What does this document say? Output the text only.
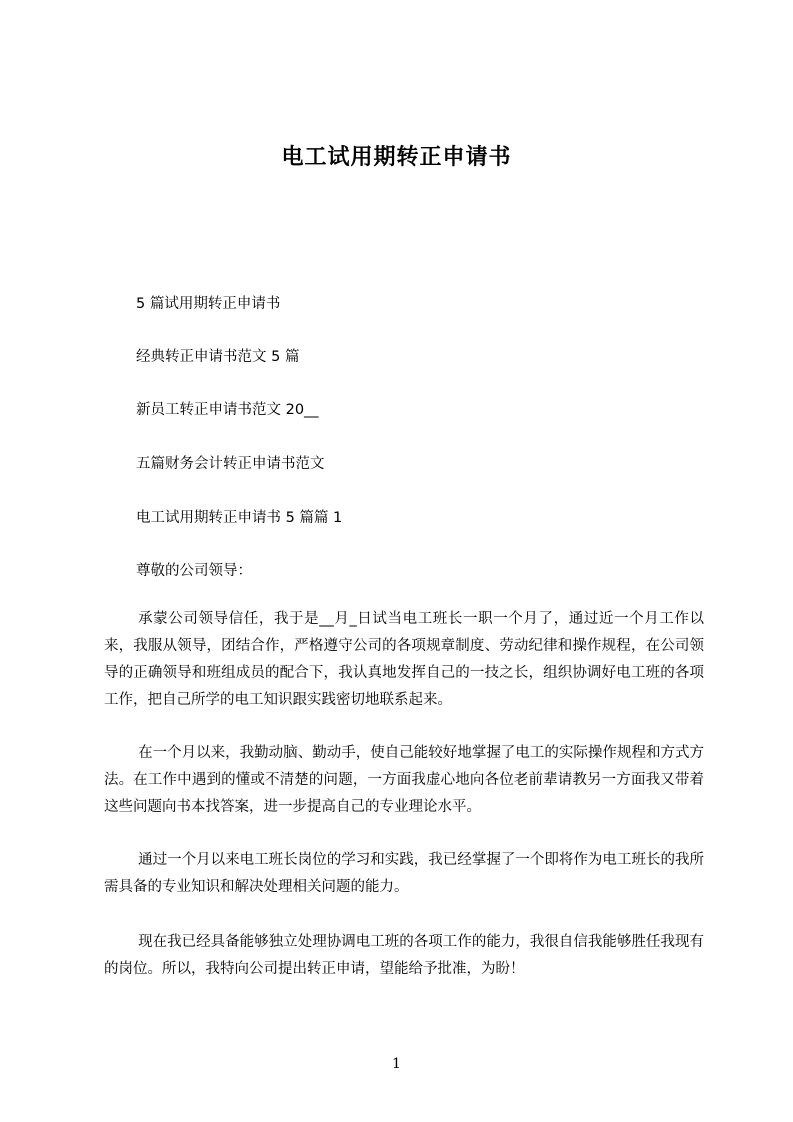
电工试用期转正申请书
5 篇试用期转正申请书
经典转正申请书范文 5 篇
新员工转正申请书范文 20__
五篇财务会计转正申请书范文
电工试用期转正申请书 5 篇篇 1
尊敬的公司领导：

承蒙公司领导信任，我于是__月_日试当电工班长一职一个月了，通过近一个月工作以来，我服从领导，团结合作，严格遵守公司的各项规章制度、劳动纪律和操作规程，在公司领导的正确领导和班组成员的配合下，我认真地发挥自己的一技之长，组织协调好电工班的各项工作，把自己所学的电工知识跟实践密切地联系起来。

在一个月以来，我勤动脑、勤动手，使自己能较好地掌握了电工的实际操作规程和方式方法。在工作中遇到的懂或不清楚的问题，一方面我虚心地向各位老前辈请教另一方面我又带着这些问题向书本找答案，进一步提高自己的专业理论水平。

通过一个月以来电工班长岗位的学习和实践，我已经掌握了一个即将作为电工班长的我所需具备的专业知识和解决处理相关问题的能力。

现在我已经具备能够独立处理协调电工班的各项工作的能力，我很自信我能够胜任我现有的岗位。所以，我特向公司提出转正申请，望能给予批准，为盼！

1
